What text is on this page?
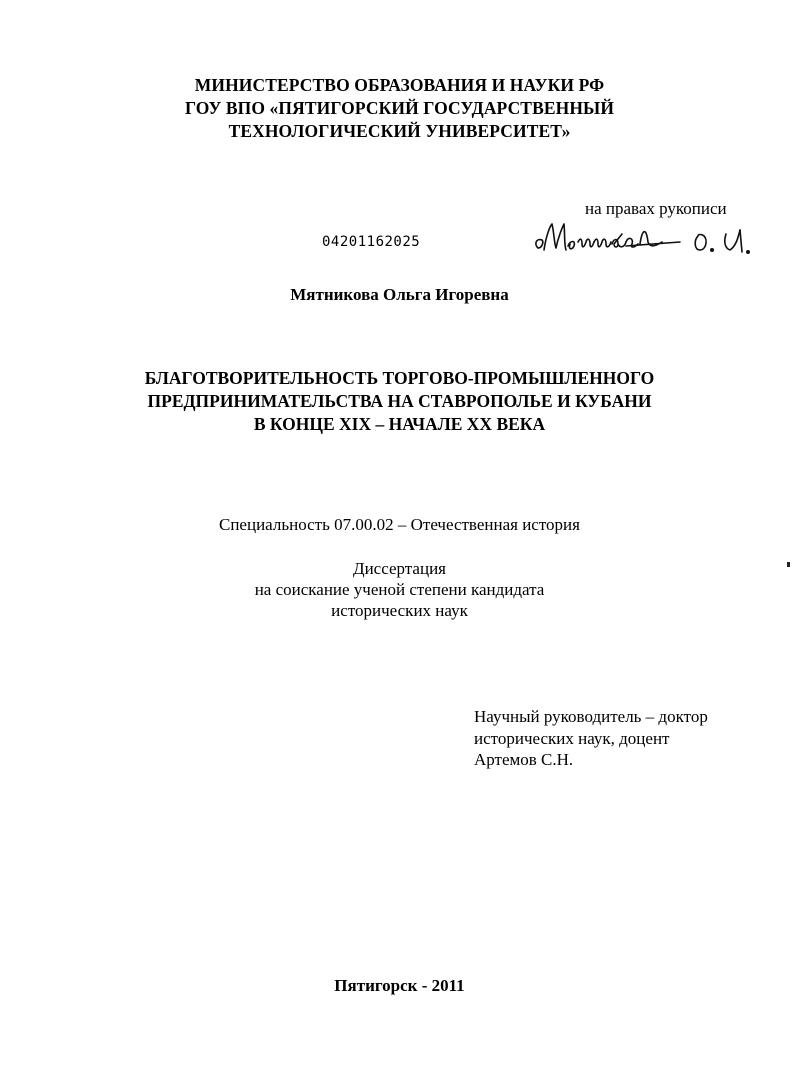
МИНИСТЕРСТВО ОБРАЗОВАНИЯ И НАУКИ РФ
ГОУ ВПО «ПЯТИГОРСКИЙ ГОСУДАРСТВЕННЫЙ
ТЕХНОЛОГИЧЕСКИЙ УНИВЕРСИТЕТ»
на правах рукописи
04201162025
Мятникова Ольга Игоревна
БЛАГОТВОРИТЕЛЬНОСТЬ ТОРГОВО-ПРОМЫШЛЕННОГО
ПРЕДПРИНИМАТЕЛЬСТВА НА СТАВРОПОЛЬЕ И КУБАНИ
В КОНЦЕ XIX – НАЧАЛЕ XX ВЕКА
Специальность 07.00.02 – Отечественная история
Диссертация
на соискание ученой степени кандидата
исторических наук
Научный руководитель – доктор
исторических наук, доцент
Артемов С.Н.
Пятигорск - 2011
